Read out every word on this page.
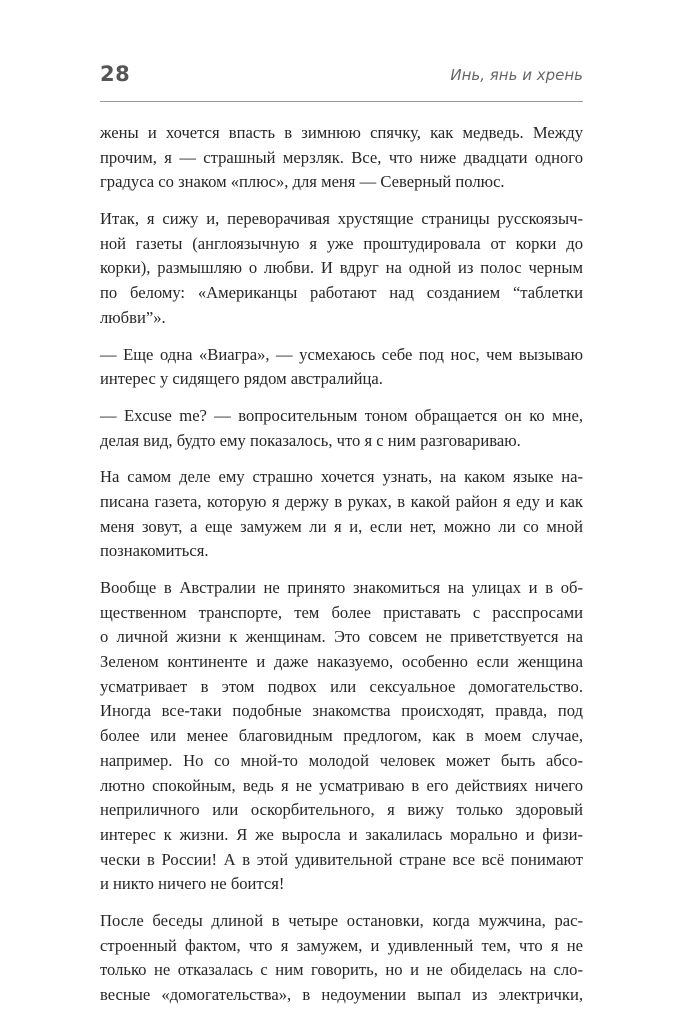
28	Инь, янь и хрень
жены и хочется впасть в зимнюю спячку, как медведь. Между
прочим, я — страшный мерзляк. Все, что ниже двадцати одного
градуса со знаком «плюс», для меня — Северный полюс.
Итак, я сижу и, переворачивая хрустящие страницы русскоязыч-
ной газеты (англоязычную я уже проштудировала от корки до
корки), размышляю о любви. И вдруг на одной из полос черным
по белому: «Американцы работают над созданием “таблетки
любви”».
— Еще одна «Виагра», — усмехаюсь себе под нос, чем вызываю
интерес у сидящего рядом австралийца.
— Excuse me? — вопросительным тоном обращается он ко мне,
делая вид, будто ему показалось, что я с ним разговариваю.
На самом деле ему страшно хочется узнать, на каком языке на-
писана газета, которую я держу в руках, в какой район я еду и как
меня зовут, а еще замужем ли я и, если нет, можно ли со мной
познакомиться.
Вообще в Австралии не принято знакомиться на улицах и в об-
щественном транспорте, тем более приставать с расспросами
о личной жизни к женщинам. Это совсем не приветствуется на
Зеленом континенте и даже наказуемо, особенно если женщина
усматривает в этом подвох или сексуальное домогательство.
Иногда все-таки подобные знакомства происходят, правда, под
более или менее благовидным предлогом, как в моем случае,
например. Но со мной-то молодой человек может быть абсо-
лютно спокойным, ведь я не усматриваю в его действиях ничего
неприличного или оскорбительного, я вижу только здоровый
интерес к жизни. Я же выросла и закалилась морально и физи-
чески в России! А в этой удивительной стране все всё понимают
и никто ничего не боится!
После беседы длиной в четыре остановки, когда мужчина, рас-
строенный фактом, что я замужем, и удивленный тем, что я не
только не отказалась с ним говорить, но и не обиделась на сло-
весные «домогательства», в недоумении выпал из электрички,
